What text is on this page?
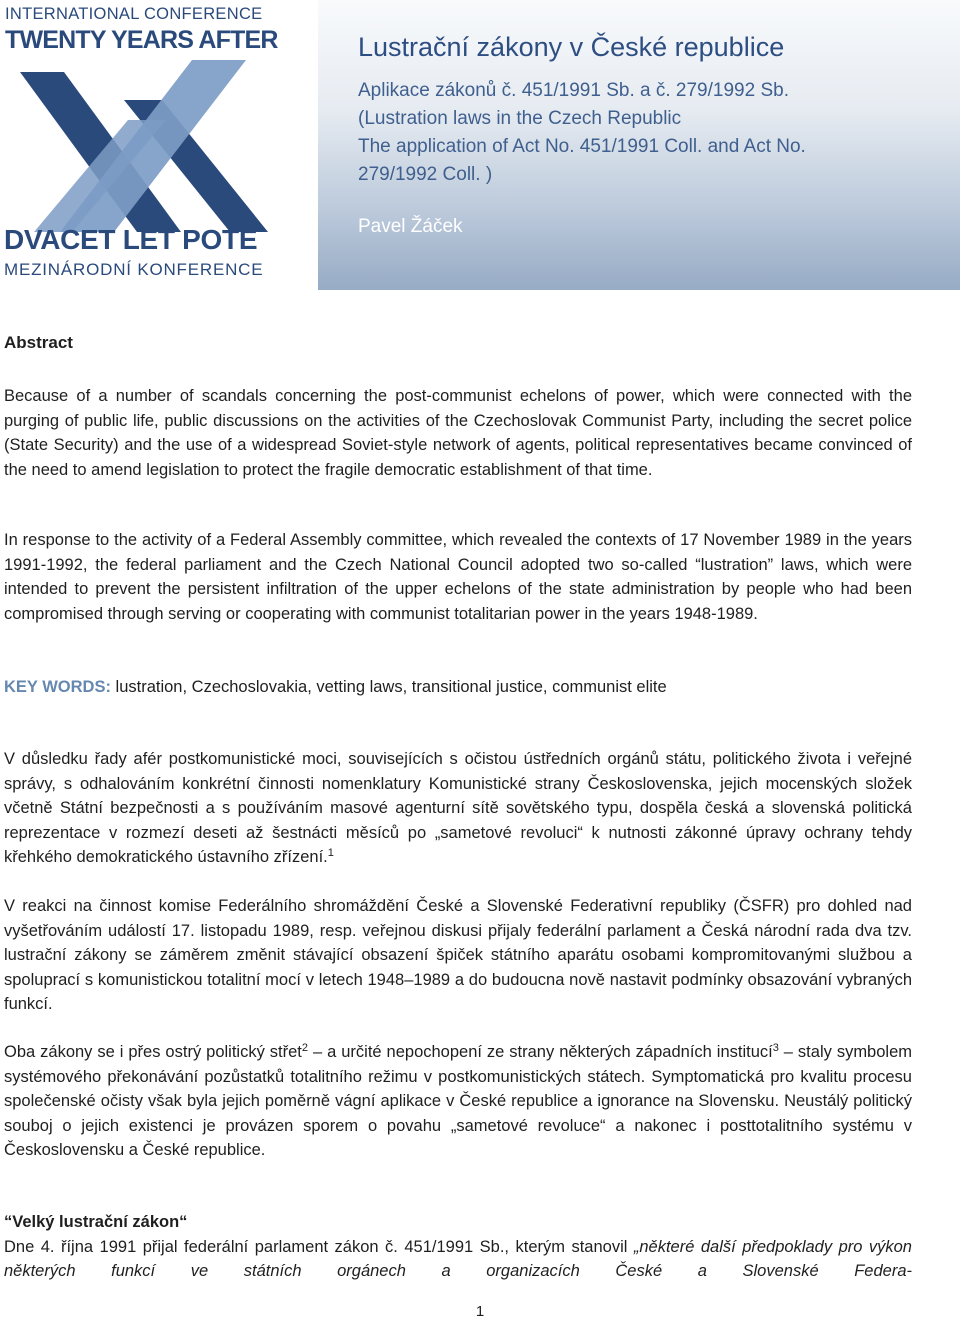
INTERNATIONAL CONFERENCE
TWENTY YEARS AFTER
DVACET LET POTÉ
MEZINÁRODNÍ KONFERENCE
Lustrační zákony v České republice
Aplikace zákonů č. 451/1991 Sb. a č. 279/1992 Sb.
(Lustration laws in the Czech Republic
The application of Act No. 451/1991 Coll. and Act No.
279/1992 Coll. )
Pavel Žáček
Abstract
Because of a number of scandals concerning the post-communist echelons of power, which were connected with the purging of public life, public discussions on the activities of the Czechoslovak Communist Party, including the secret police (State Security) and the use of a widespread Soviet-style network of agents, political representatives became convinced of the need to amend legislation to protect the fragile democratic establishment of that time.
In response to the activity of a Federal Assembly committee, which revealed the contexts of 17 November 1989 in the years 1991-1992, the federal parliament and the Czech National Council adopted two so-called “lustration” laws, which were intended to prevent the persistent infiltration of the upper echelons of the state administration by people who had been compromised through serving or cooperating with communist totalitarian power in the years 1948-1989.
KEY WORDS: lustration, Czechoslovakia, vetting laws, transitional justice, communist elite
V důsledku řady afér postkomunistické moci, souvisejících s očistou ústředních orgánů státu, politického života i veřejné správy, s odhalováním konkrétní činnosti nomenklatury Komunistické strany Československa, jejich mocenských složek včetně Státní bezpečnosti a s používáním masové agenturní sítě sovětského typu, dospěla česká a slovenská politická reprezentace v rozmezí deseti až šestnácti měsíců po „sametové revoluci“ k nutnosti zákonné úpravy ochrany tehdy křehkého demokratického ústavního zřízení.$^1$
V reakci na činnost komise Federálního shromáždění České a Slovenské Federativní republiky (ČSFR) pro dohled nad vyšetřováním událostí 17. listopadu 1989, resp. veřejnou diskusi přijaly federální parlament a Česká národní rada dva tzv. lustrační zákony se záměrem změnit stávající obsazení špiček státního aparátu osobami kompromitovanými službou a spoluprací s komunistickou totalitní mocí v letech 1948–1989 a do budoucna nově nastavit podmínky obsazování vybraných funkcí.
Oba zákony se i přes ostrý politický střet$^2$ – a určité nepochopení ze strany některých západních institucí$^3$ – staly symbolem systémového překonávání pozůstatků totalitního režimu v postkomunistických státech. Symptomatická pro kvalitu procesu společenské očisty však byla jejich poměrně vágní aplikace v České republice a ignorance na Slovensku. Neustálý politický souboj o jejich existenci je provázen sporem o povahu „sametové revoluce“ a nakonec i posttotalitního systému v Československu a České republice.
“Velký lustrační zákon“
Dne 4. října 1991 přijal federální parlament zákon č. 451/1991 Sb., kterým stanovil „některé další předpoklady pro výkon některých funkcí ve státních orgánech a organizacích České a Slovenské Federa-
1
